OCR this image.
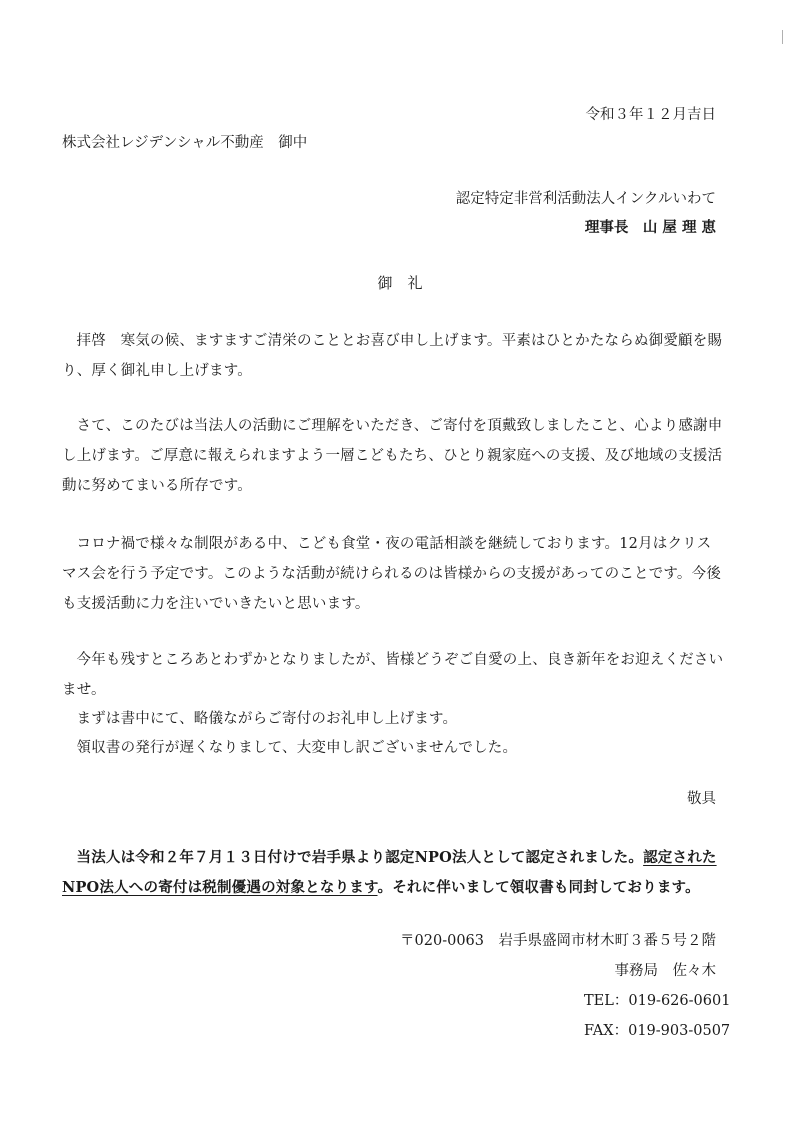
令和３年１２月吉日
株式会社レジデンシャル不動産　御中
認定特定非営利活動法人インクルいわて
理事長　山 屋 理 恵
御　礼

拝啓　寒気の候、ますますご清栄のこととお喜び申し上げます。平素はひとかたならぬ御愛顧を賜り、厚く御礼申し上げます。

さて、このたびは当法人の活動にご理解をいただき、ご寄付を頂戴致しましたこと、心より感謝申し上げます。ご厚意に報えられますよう一層こどもたち、ひとり親家庭への支援、及び地域の支援活動に努めてまいる所存です。

コロナ禍で様々な制限がある中、こども食堂・夜の電話相談を継続しております。12月はクリスマス会を行う予定です。このような活動が続けられるのは皆様からの支援があってのことです。今後も支援活動に力を注いでいきたいと思います。

今年も残すところあとわずかとなりましたが、皆様どうぞご自愛の上、良き新年をお迎えくださいませ。

まずは書中にて、略儀ながらご寄付のお礼申し上げます。

領収書の発行が遅くなりまして、大変申し訳ございませんでした。

敬具

当法人は令和２年７月１３日付けで岩手県より認定NPO法人として認定されました。認定されたNPO法人への寄付は税制優遇の対象となります。それに伴いまして領収書も同封しております。

〒020-0063　岩手県盛岡市材木町３番５号２階
事務局　佐々木
TEL：019-626-0601
FAX：019-903-0507
